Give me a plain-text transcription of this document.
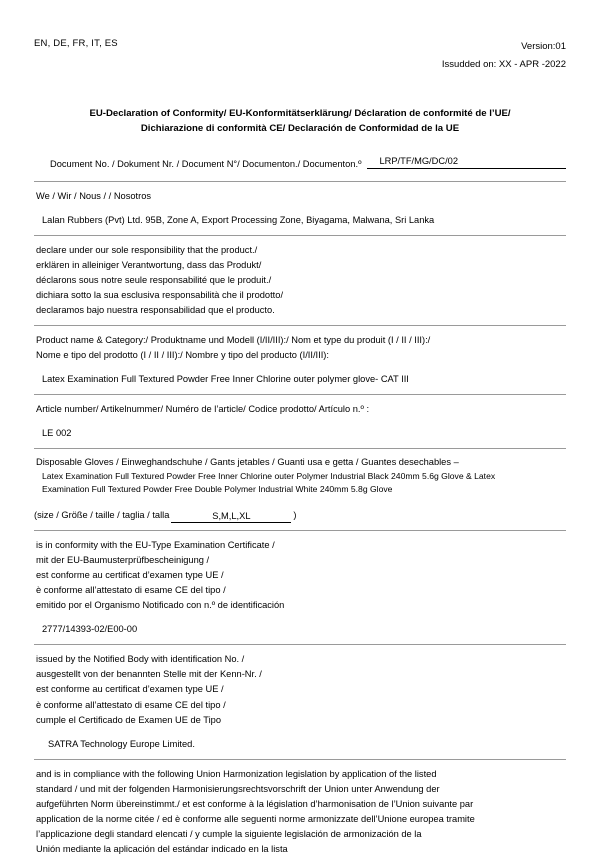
EN, DE, FR, IT, ES	Version:01
Issudded on: XX - APR -2022
EU-Declaration of Conformity/ EU-Konformitätserklärung/ Déclaration de conformité de l’UE/
Dichiarazione di conformità CE/ Declaración de Conformidad de la UE
Document No. / Dokument Nr. / Document N°/ Documenton./ Documenton.º	LRP/TF/MG/DC/02
We / Wir / Nous / / Nosotros
Lalan Rubbers (Pvt) Ltd. 95B, Zone A, Export Processing Zone, Biyagama, Malwana, Sri Lanka
declare under our sole responsibility that the product./
erklären in alleiniger Verantwortung, dass das Produkt/
déclarons sous notre seule responsabilité que le produit./
dichiara sotto la sua esclusiva responsabilità che il prodotto/
declaramos bajo nuestra responsabilidad que el producto.
Product name & Category:/ Produktname und Modell (I/II/III):/ Nom et type du produit (I / II / III):/
Nome e tipo del prodotto (I / II / III):/ Nombre y tipo del producto (I/II/III):
Latex Examination Full Textured Powder Free Inner Chlorine outer polymer glove- CAT III
Article number/ Artikelnummer/ Numéro de l’article/ Codice prodotto/ Artículo n.º :
LE 002
Disposable Gloves / Einweghandschuhe / Gants jetables / Guanti usa e getta / Guantes desechables –
Latex Examination Full Textured Powder Free Inner Chlorine outer Polymer Industrial Black 240mm 5.6g Glove & Latex
Examination Full Textured Powder Free Double Polymer Industrial White 240mm 5.8g Glove
(size / Größe / taille / taglia / talla	S,M,L,XL	)
is in conformity with the EU-Type Examination Certificate /
mit der EU-Baumusterprüfbescheinigung /
est conforme au certificat d’examen type UE /
è conforme all’attestato di esame CE del tipo /
emitido por el Organismo Notificado con n.º de identificación
2777/14393-02/E00-00
issued by the Notified Body with identification No. /
ausgestellt von der benannten Stelle mit der Kenn-Nr. /
est conforme au certificat d’examen type UE /
è conforme all’attestato di esame CE del tipo /
cumple el Certificado de Examen UE de Tipo
SATRA Technology Europe Limited.
and is in compliance with the following Union Harmonization legislation by application of the listed
standard / und mit der folgenden Harmonisierungsrechtsvorschrift der Union unter Anwendung der
aufgeführten Norm übereinstimmt./ et est conforme à la législation d’harmonisation de l’Union suivante par
application de la norme citée / ed è conforme alle seguenti norme armonizzate dell’Unione europea tramite
l’applicazione degli standard elencati / y cumple la siguiente legislación de armonización de la
Unión mediante la aplicación del estándar indicado en la lista
